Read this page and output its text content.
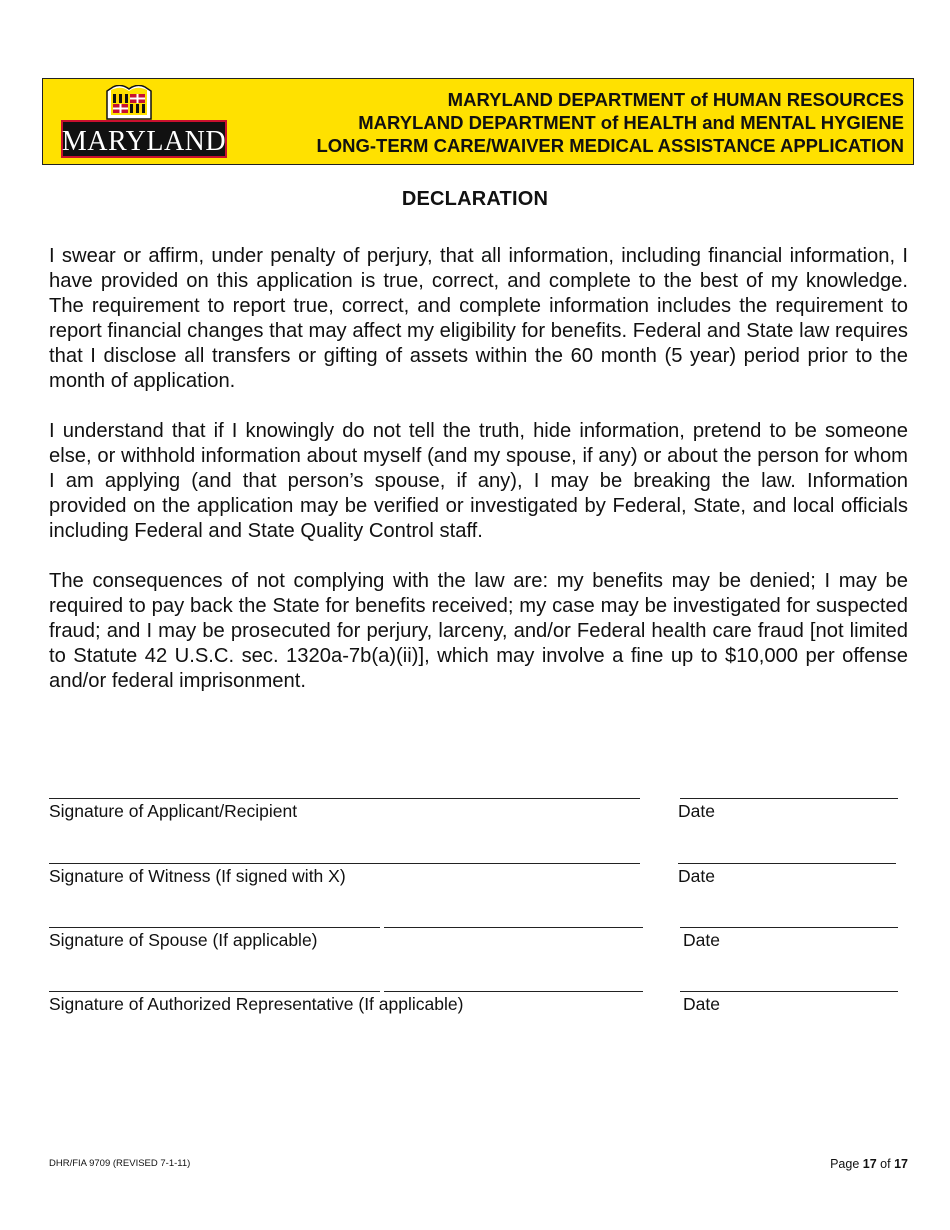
MARYLAND
MARYLAND DEPARTMENT of HUMAN RESOURCES
MARYLAND DEPARTMENT of HEALTH and MENTAL HYGIENE
LONG-TERM CARE/WAIVER MEDICAL ASSISTANCE APPLICATION
DECLARATION
I swear or affirm, under penalty of perjury, that all information, including financial information, I have provided on this application is true, correct, and complete to the best of my knowledge. The requirement to report true, correct, and complete information includes the requirement to report financial changes that may affect my eligibility for benefits. Federal and State law requires that I disclose all transfers or gifting of assets within the 60 month (5 year) period prior to the month of application.
I understand that if I knowingly do not tell the truth, hide information, pretend to be someone else, or withhold information about myself (and my spouse, if any) or about the person for whom I am applying (and that person’s spouse, if any), I may be breaking the law. Information provided on the application may be verified or investigated by Federal, State, and local officials including Federal and State Quality Control staff.
The consequences of not complying with the law are: my benefits may be denied; I may be required to pay back the State for benefits received; my case may be investigated for suspected fraud; and I may be prosecuted for perjury, larceny, and/or Federal health care fraud [not limited to Statute 42 U.S.C. sec. 1320a-7b(a)(ii)], which may involve a fine up to $10,000 per offense and/or federal imprisonment.
Signature of Applicant/Recipient	Date
Signature of Witness (If signed with X)	Date
Signature of Spouse (If applicable)	Date
Signature of Authorized Representative (If applicable)	Date
DHR/FIA 9709 (REVISED 7-1-11)	Page 17 of 17
